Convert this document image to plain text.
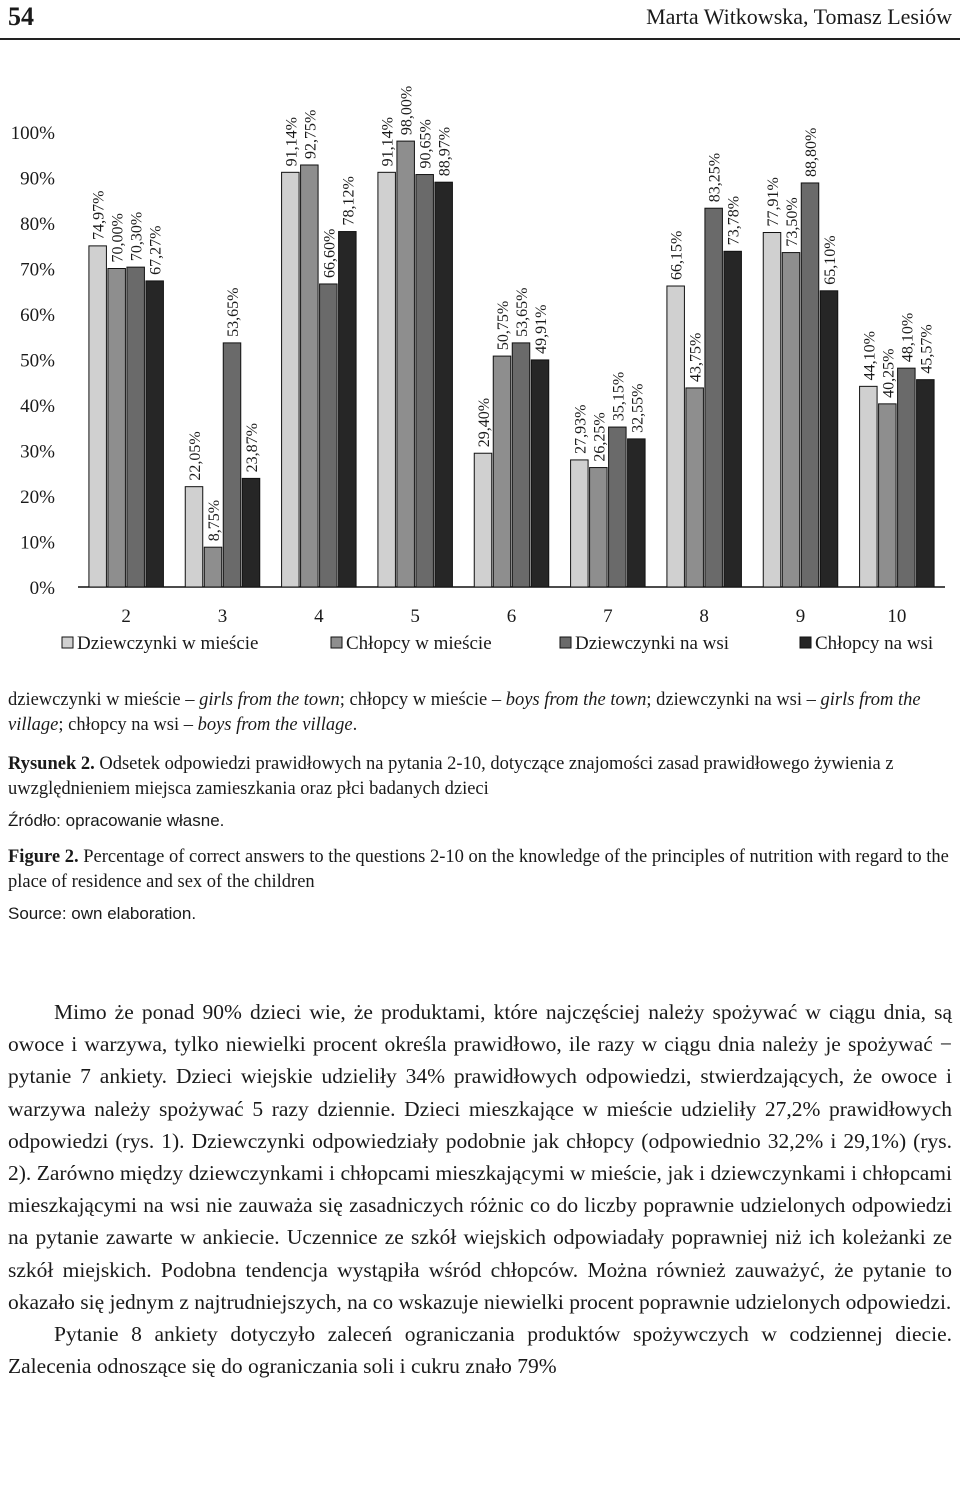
54	Marta Witkowska, Tomasz Lesiów
0%
10%
20%
30%
40%
50%
60%
70%
80%
90%
100%
74,97%
22,05%
91,14%	91,14%
29,40%	27,93%
66,15%
77,91%
44,10%
70,00%
8,75%
92,75%	98,00%
50,75%
26,25%
43,75%
73,50%
40,25%
70,30%
53,65%
66,60%
90,65%
53,65%
35,15%
83,25%
88,80%
48,10%
67,27%
23,87%
78,12%
88,97%
49,91%
32,55%
73,78%
65,10%
45,57%
2	3	4	5	6	7	8	9	10
Dziewczynki w mieście	Chłopcy w mieście	Dziewczynki na wsi	Chłopcy na wsi

dziewczynki w mieście – girls from the town; chłopcy w mieście – boys from the town; dziewczynki na wsi – girls from the village; chłopcy na wsi – boys from the village.

Rysunek 2. Odsetek odpowiedzi prawidłowych na pytania 2-10, dotyczące znajomości zasad prawidłowego żywienia z uwzględnieniem miejsca zamieszkania oraz płci badanych dzieci

Źródło: opracowanie własne.

Figure 2. Percentage of correct answers to the questions 2-10 on the knowledge of the principles of nutrition with regard to the place of residence and sex of the children

Source: own elaboration.

Mimo że ponad 90% dzieci wie, że produktami, które najczęściej należy spożywać w ciągu dnia, są owoce i warzywa, tylko niewielki procent określa prawidłowo, ile razy w ciągu dnia należy je spożywać − pytanie 7 ankiety. Dzieci wiejskie udzieliły 34% prawidłowych odpowiedzi, stwierdzających, że owoce i warzywa należy spożywać 5 razy dziennie. Dzieci mieszkające w mieście udzieliły 27,2% prawidłowych odpowiedzi (rys. 1). Dziewczynki odpowiedziały podobnie jak chłopcy (odpowiednio 32,2% i 29,1%) (rys. 2). Zarówno między dziewczynkami i chłopcami mieszkającymi w mieście, jak i dziewczynkami i chłopcami mieszkającymi na wsi nie zauważa się zasadniczych różnic co do liczby poprawnie udzielonych odpowiedzi na pytanie zawarte w ankiecie. Uczennice ze szkół wiejskich odpowiadały poprawniej niż ich koleżanki ze szkół miejskich. Podobna tendencja wystąpiła wśród chłopców. Można również zauważyć, że pytanie to okazało się jednym z najtrudniejszych, na co wskazuje niewielki procent poprawnie udzielonych odpowiedzi.

Pytanie 8 ankiety dotyczyło zaleceń ograniczania produktów spożywczych w codziennej diecie. Zalecenia odnoszące się do ograniczania soli i cukru znało 79%
